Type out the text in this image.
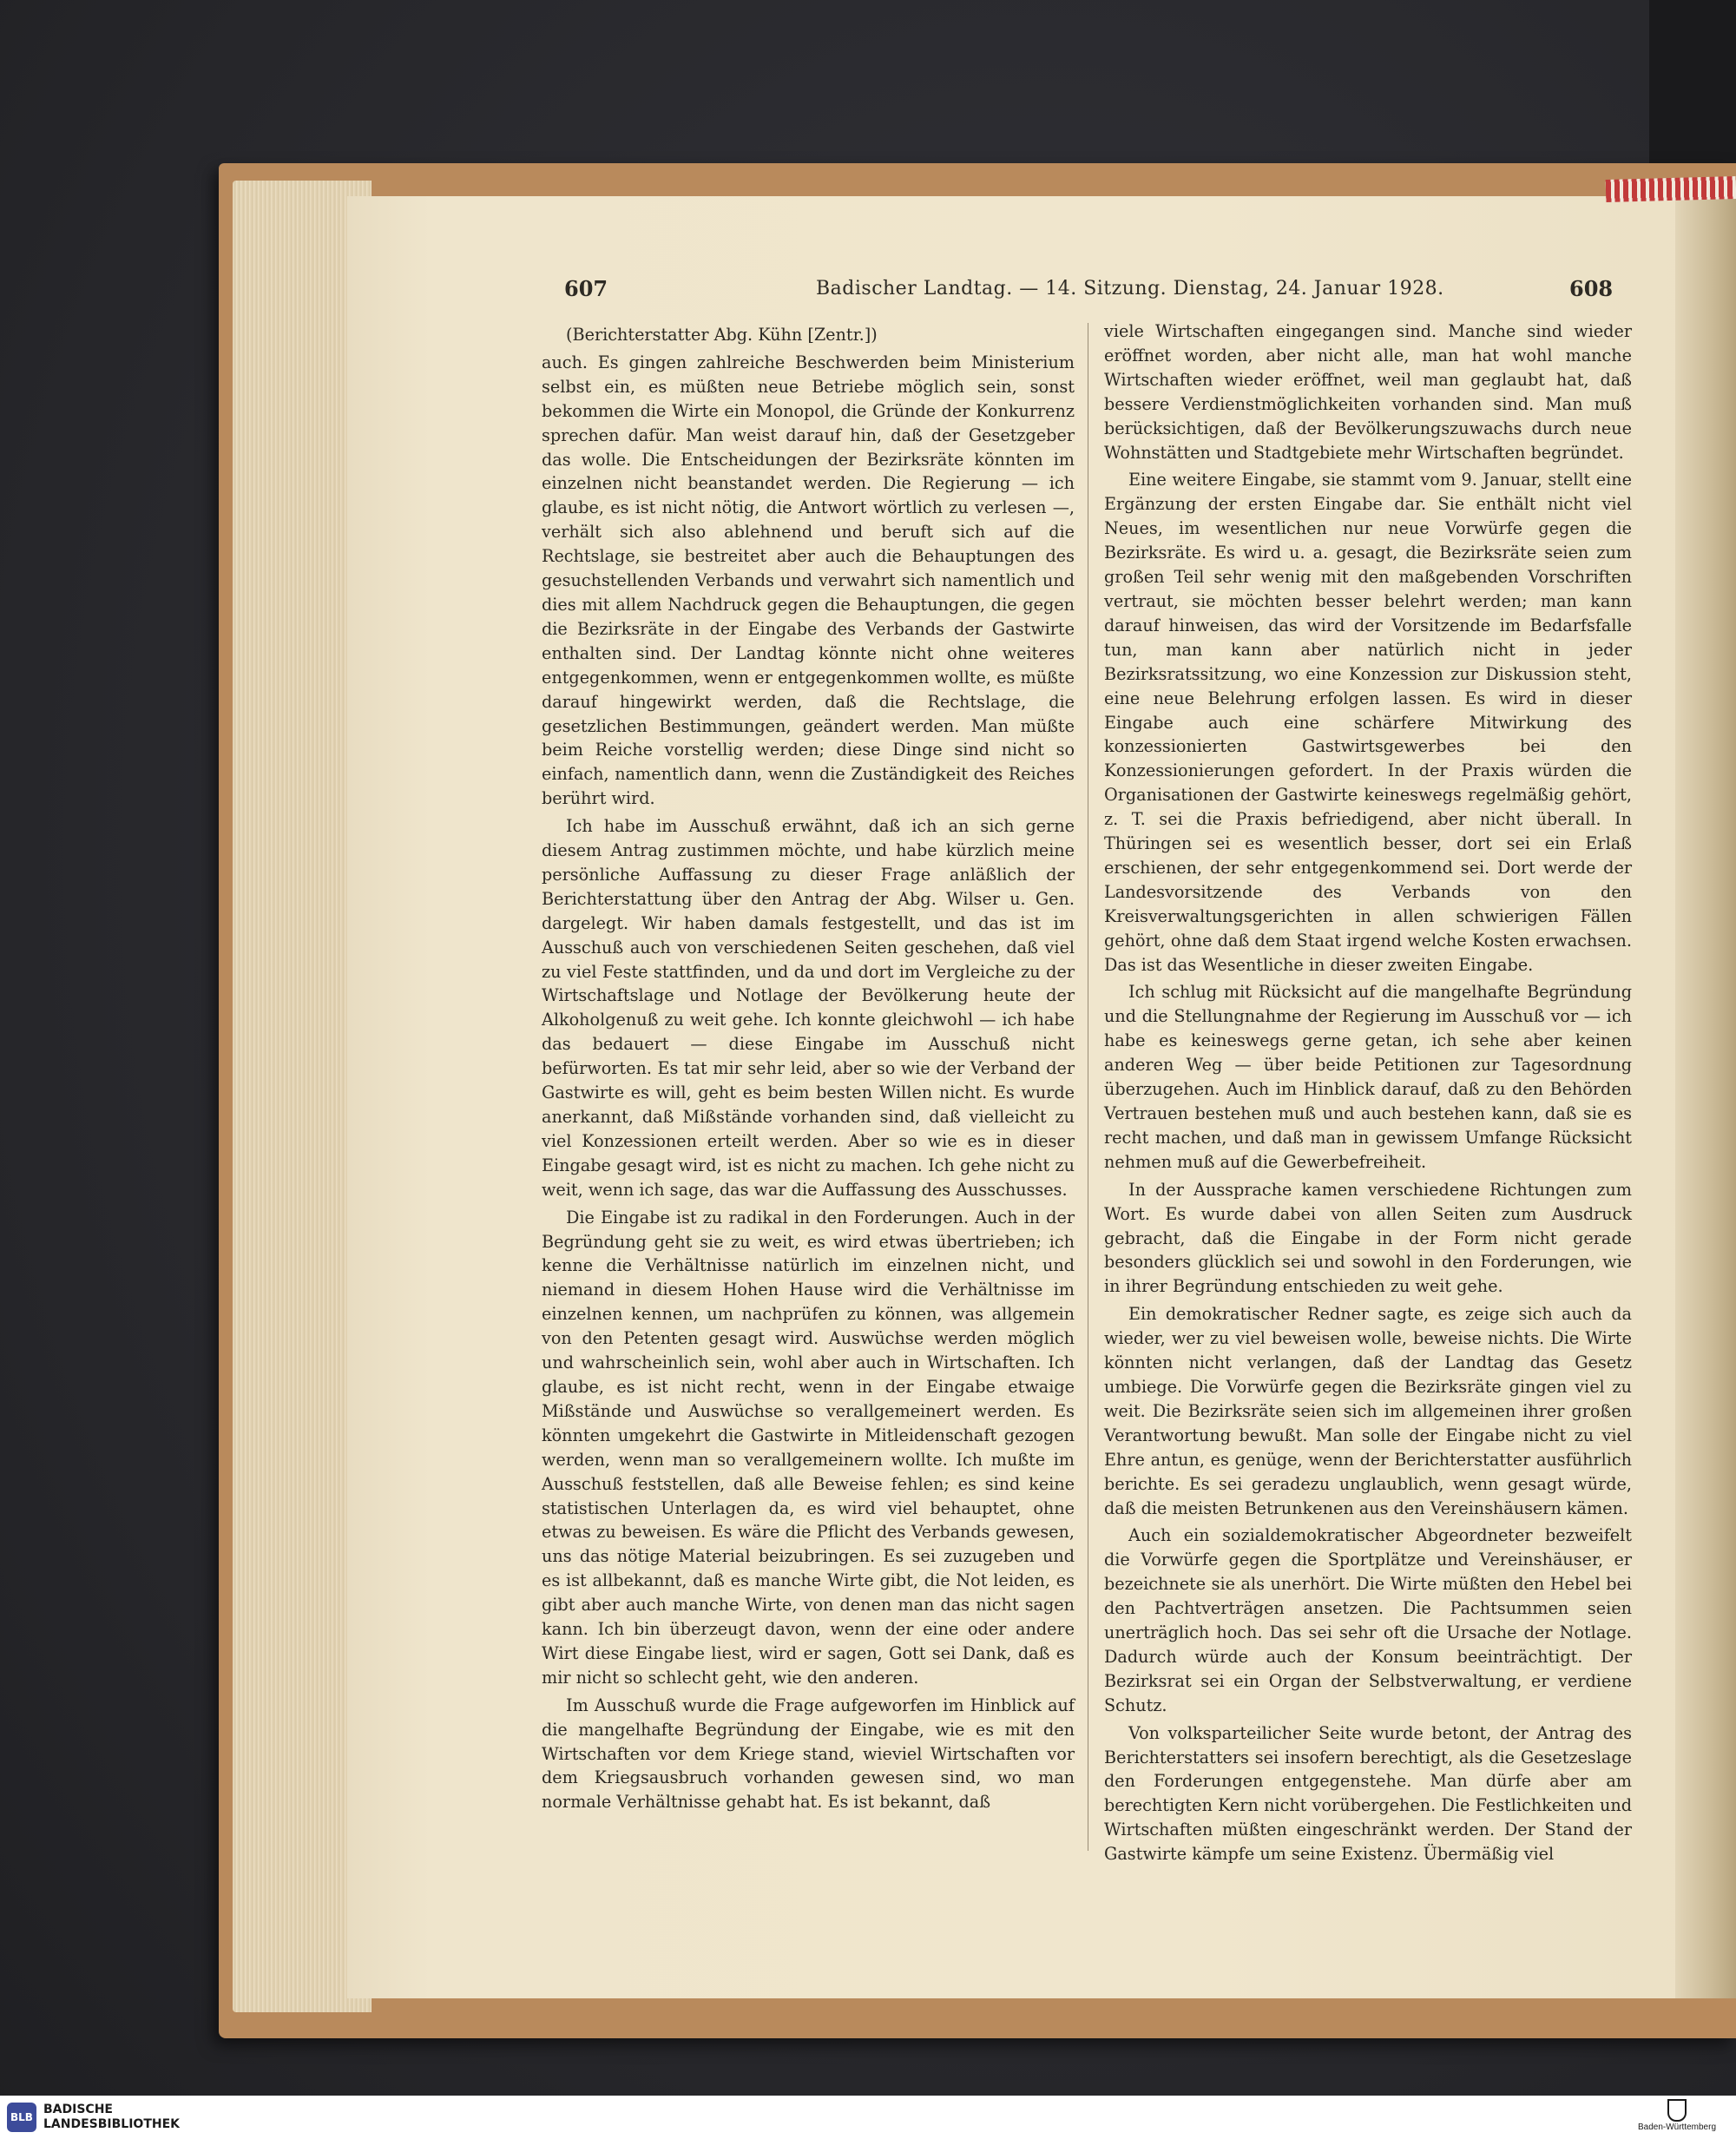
607	Badischer Landtag. — 14. Sitzung. Dienstag, 24. Januar 1928.	608

(Berichterstatter Abg. Kühn [Zentr.])

auch. Es gingen zahlreiche Beschwerden beim Ministerium selbst ein, es müßten neue Betriebe möglich sein, sonst bekommen die Wirte ein Monopol, die Gründe der Konkurrenz sprechen dafür. Man weist darauf hin, daß der Gesetzgeber das wolle. Die Entscheidungen der Bezirksräte könnten im einzelnen nicht beanstandet werden. Die Regierung — ich glaube, es ist nicht nötig, die Antwort wörtlich zu verlesen —, verhält sich also ablehnend und beruft sich auf die Rechtslage, sie bestreitet aber auch die Behauptungen des gesuchstellenden Verbands und verwahrt sich namentlich und dies mit allem Nachdruck gegen die Behauptungen, die gegen die Bezirksräte in der Eingabe des Verbands der Gastwirte enthalten sind. Der Landtag könnte nicht ohne weiteres entgegenkommen, wenn er entgegenkommen wollte, es müßte darauf hingewirkt werden, daß die Rechtslage, die gesetzlichen Bestimmungen, geändert werden. Man müßte beim Reiche vorstellig werden; diese Dinge sind nicht so einfach, namentlich dann, wenn die Zuständigkeit des Reiches berührt wird.

Ich habe im Ausschuß erwähnt, daß ich an sich gerne diesem Antrag zustimmen möchte, und habe kürzlich meine persönliche Auffassung zu dieser Frage anläßlich der Berichterstattung über den Antrag der Abg. Wilser u. Gen. dargelegt. Wir haben damals festgestellt, und das ist im Ausschuß auch von verschiedenen Seiten geschehen, daß viel zu viel Feste stattfinden, und da und dort im Vergleiche zu der Wirtschaftslage und Notlage der Bevölkerung heute der Alkoholgenuß zu weit gehe. Ich konnte gleichwohl — ich habe das bedauert — diese Eingabe im Ausschuß nicht befürworten. Es tat mir sehr leid, aber so wie der Verband der Gastwirte es will, geht es beim besten Willen nicht. Es wurde anerkannt, daß Mißstände vorhanden sind, daß vielleicht zu viel Konzessionen erteilt werden. Aber so wie es in dieser Eingabe gesagt wird, ist es nicht zu machen. Ich gehe nicht zu weit, wenn ich sage, das war die Auffassung des Ausschusses.

Die Eingabe ist zu radikal in den Forderungen. Auch in der Begründung geht sie zu weit, es wird etwas übertrieben; ich kenne die Verhältnisse natürlich im einzelnen nicht, und niemand in diesem Hohen Hause wird die Verhältnisse im einzelnen kennen, um nachprüfen zu können, was allgemein von den Petenten gesagt wird. Auswüchse werden möglich und wahrscheinlich sein, wohl aber auch in Wirtschaften. Ich glaube, es ist nicht recht, wenn in der Eingabe etwaige Mißstände und Auswüchse so verallgemeinert werden. Es könnten umgekehrt die Gastwirte in Mitleidenschaft gezogen werden, wenn man so verallgemeinern wollte. Ich mußte im Ausschuß feststellen, daß alle Beweise fehlen; es sind keine statistischen Unterlagen da, es wird viel behauptet, ohne etwas zu beweisen. Es wäre die Pflicht des Verbands gewesen, uns das nötige Material beizubringen. Es sei zuzugeben und es ist allbekannt, daß es manche Wirte gibt, die Not leiden, es gibt aber auch manche Wirte, von denen man das nicht sagen kann. Ich bin überzeugt davon, wenn der eine oder andere Wirt diese Eingabe liest, wird er sagen, Gott sei Dank, daß es mir nicht so schlecht geht, wie den anderen.

Im Ausschuß wurde die Frage aufgeworfen im Hinblick auf die mangelhafte Begründung der Eingabe, wie es mit den Wirtschaften vor dem Kriege stand, wieviel Wirtschaften vor dem Kriegsausbruch vorhanden gewesen sind, wo man normale Verhältnisse gehabt hat. Es ist bekannt, daß

viele Wirtschaften eingegangen sind. Manche sind wieder eröffnet worden, aber nicht alle, man hat wohl manche Wirtschaften wieder eröffnet, weil man geglaubt hat, daß bessere Verdienstmöglichkeiten vorhanden sind. Man muß berücksichtigen, daß der Bevölkerungszuwachs durch neue Wohnstätten und Stadtgebiete mehr Wirtschaften begründet.

Eine weitere Eingabe, sie stammt vom 9. Januar, stellt eine Ergänzung der ersten Eingabe dar. Sie enthält nicht viel Neues, im wesentlichen nur neue Vorwürfe gegen die Bezirksräte. Es wird u. a. gesagt, die Bezirksräte seien zum großen Teil sehr wenig mit den maßgebenden Vorschriften vertraut, sie möchten besser belehrt werden; man kann darauf hinweisen, das wird der Vorsitzende im Bedarfsfalle tun, man kann aber natürlich nicht in jeder Bezirksratssitzung, wo eine Konzession zur Diskussion steht, eine neue Belehrung erfolgen lassen. Es wird in dieser Eingabe auch eine schärfere Mitwirkung des konzessionierten Gastwirtsgewerbes bei den Konzessionierungen gefordert. In der Praxis würden die Organisationen der Gastwirte keineswegs regelmäßig gehört, z. T. sei die Praxis befriedigend, aber nicht überall. In Thüringen sei es wesentlich besser, dort sei ein Erlaß erschienen, der sehr entgegenkommend sei. Dort werde der Landesvorsitzende des Verbands von den Kreisverwaltungsgerichten in allen schwierigen Fällen gehört, ohne daß dem Staat irgend welche Kosten erwachsen. Das ist das Wesentliche in dieser zweiten Eingabe.

Ich schlug mit Rücksicht auf die mangelhafte Begründung und die Stellungnahme der Regierung im Ausschuß vor — ich habe es keineswegs gerne getan, ich sehe aber keinen anderen Weg — über beide Petitionen zur Tagesordnung überzugehen. Auch im Hinblick darauf, daß zu den Behörden Vertrauen bestehen muß und auch bestehen kann, daß sie es recht machen, und daß man in gewissem Umfange Rücksicht nehmen muß auf die Gewerbefreiheit.

In der Aussprache kamen verschiedene Richtungen zum Wort. Es wurde dabei von allen Seiten zum Ausdruck gebracht, daß die Eingabe in der Form nicht gerade besonders glücklich sei und sowohl in den Forderungen, wie in ihrer Begründung entschieden zu weit gehe.

Ein demokratischer Redner sagte, es zeige sich auch da wieder, wer zu viel beweisen wolle, beweise nichts. Die Wirte könnten nicht verlangen, daß der Landtag das Gesetz umbiege. Die Vorwürfe gegen die Bezirksräte gingen viel zu weit. Die Bezirksräte seien sich im allgemeinen ihrer großen Verantwortung bewußt. Man solle der Eingabe nicht zu viel Ehre antun, es genüge, wenn der Berichterstatter ausführlich berichte. Es sei geradezu unglaublich, wenn gesagt würde, daß die meisten Betrunkenen aus den Vereinshäusern kämen.

Auch ein sozialdemokratischer Abgeordneter bezweifelt die Vorwürfe gegen die Sportplätze und Vereinshäuser, er bezeichnete sie als unerhört. Die Wirte müßten den Hebel bei den Pachtverträgen ansetzen. Die Pachtsummen seien unerträglich hoch. Das sei sehr oft die Ursache der Notlage. Dadurch würde auch der Konsum beeinträchtigt. Der Bezirksrat sei ein Organ der Selbstverwaltung, er verdiene Schutz.

Von volksparteilicher Seite wurde betont, der Antrag des Berichterstatters sei insofern berechtigt, als die Gesetzeslage den Forderungen entgegenstehe. Man dürfe aber am berechtigten Kern nicht vorübergehen. Die Festlichkeiten und Wirtschaften müßten eingeschränkt werden. Der Stand der Gastwirte kämpfe um seine Existenz. Übermäßig viel

BLB
BADISCHE
LANDESBIBLIOTHEK	Baden-Württemberg
